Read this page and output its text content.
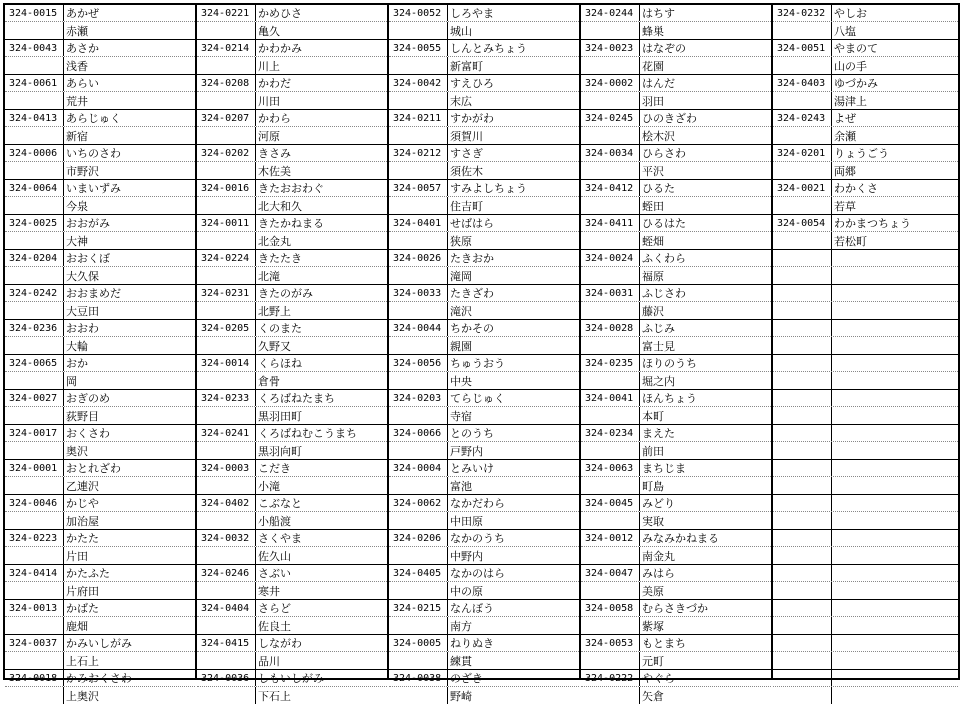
324-0015 あかぜ
赤瀬
324-0043 あさか
浅香
324-0061 あらい
荒井
324-0413 あらじゅく
新宿
324-0006 いちのさわ
市野沢
324-0064 いまいずみ
今泉
324-0025 おおがみ
大神
324-0204 おおくぼ
大久保
324-0242 おおまめだ
大豆田
324-0236 おおわ
大輪
324-0065 おか
岡
324-0027 おぎのめ
荻野目
324-0017 おくさわ
奥沢
324-0001 おとれざわ
乙連沢
324-0046 かじや
加治屋
324-0223 かたた
片田
324-0414 かたふた
片府田
324-0013 かばた
鹿畑
324-0037 かみいしがみ
上石上
324-0018 かみおくさわ
上奥沢
324-0221 かめひさ
亀久
324-0214 かわかみ
川上
324-0208 かわだ
川田
324-0207 かわら
河原
324-0202 きさみ
木佐美
324-0016 きたおおわぐ
北大和久
324-0011 きたかねまる
北金丸
324-0224 きたたき
北滝
324-0231 きたのがみ
北野上
324-0205 くのまた
久野又
324-0014 くらほね
倉骨
324-0233 くろばねたまち
黒羽田町
324-0241 くろばねむこうまち
黒羽向町
324-0003 こだき
小滝
324-0402 こぶなと
小船渡
324-0032 さくやま
佐久山
324-0246 さぶい
寒井
324-0404 さらど
佐良土
324-0415 しながわ
品川
324-0036 しもいしがみ
下石上
324-0052 しろやま
城山
324-0055 しんとみちょう
新富町
324-0042 すえひろ
末広
324-0211 すかがわ
須賀川
324-0212 すさぎ
須佐木
324-0057 すみよしちょう
住吉町
324-0401 せばはら
狭原
324-0026 たきおか
滝岡
324-0033 たきざわ
滝沢
324-0044 ちかその
親園
324-0056 ちゅうおう
中央
324-0203 てらじゅく
寺宿
324-0066 とのうち
戸野内
324-0004 とみいけ
富池
324-0062 なかだわら
中田原
324-0206 なかのうち
中野内
324-0405 なかのはら
中の原
324-0215 なんぼう
南方
324-0005 ねりぬき
練貫
324-0038 のざき
野崎
324-0244 はちす
蜂巣
324-0023 はなぞの
花園
324-0002 はんだ
羽田
324-0245 ひのきざわ
桧木沢
324-0034 ひらさわ
平沢
324-0412 ひるた
蛭田
324-0411 ひるはた
蛭畑
324-0024 ふくわら
福原
324-0031 ふじさわ
藤沢
324-0028 ふじみ
富士見
324-0235 ほりのうち
堀之内
324-0041 ほんちょう
本町
324-0234 まえた
前田
324-0063 まちじま
町島
324-0045 みどり
実取
324-0012 みなみかねまる
南金丸
324-0047 みはら
美原
324-0058 むらさきづか
紫塚
324-0053 もとまち
元町
324-0222 やぐら
矢倉
324-0232 やしお
八塩
324-0051 やまのて
山の手
324-0403 ゆづかみ
湯津上
324-0243 よぜ
余瀬
324-0201 りょうごう
両郷
324-0021 わかくさ
若草
324-0054 わかまつちょう
若松町
